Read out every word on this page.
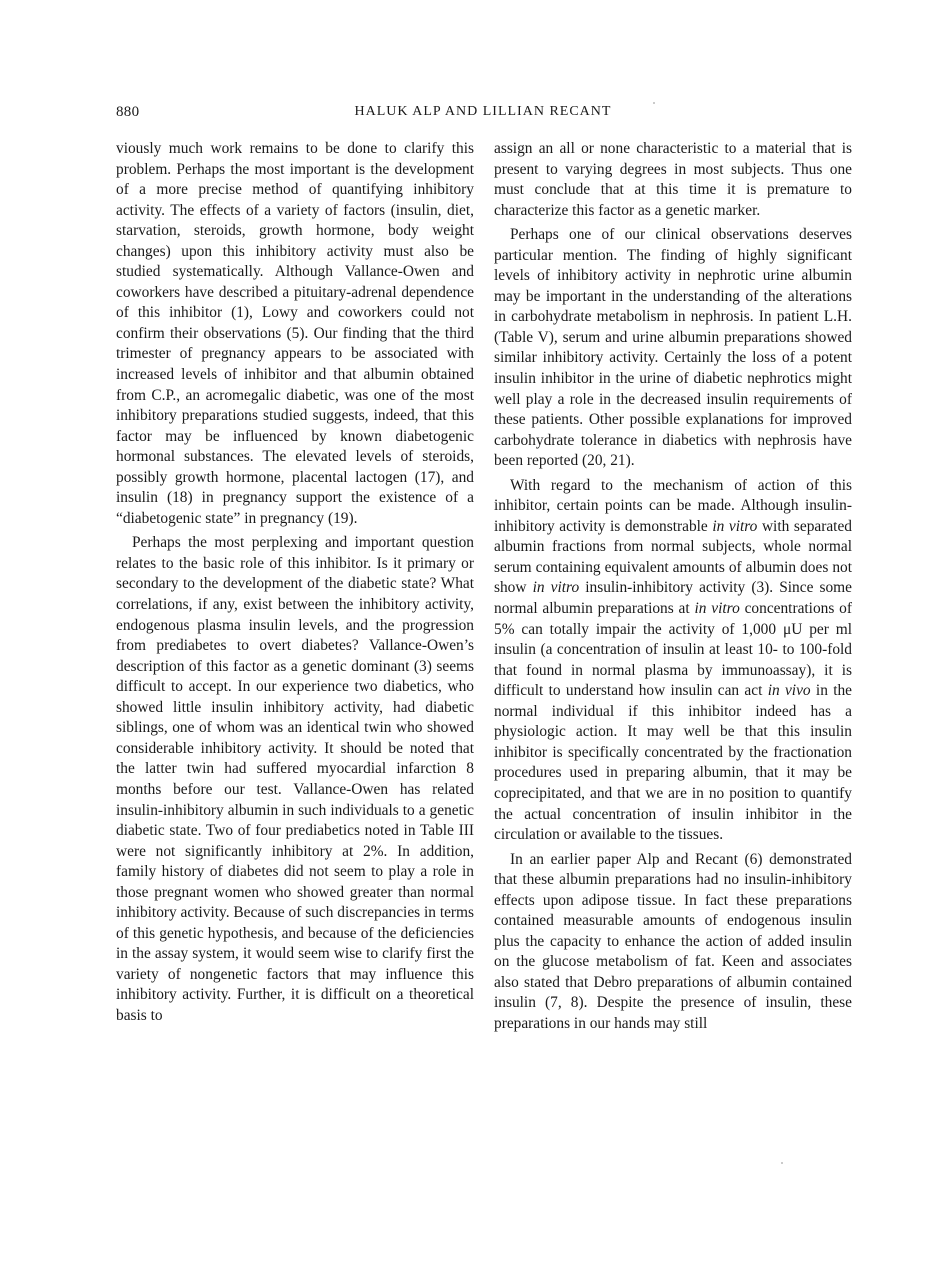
880	HALUK ALP AND LILLIAN RECANT

viously much work remains to be done to clarify this problem. Perhaps the most important is the development of a more precise method of quantifying inhibitory activity. The effects of a variety of factors (insulin, diet, starvation, steroids, growth hormone, body weight changes) upon this inhibitory activity must also be studied systematically. Although Vallance-Owen and coworkers have described a pituitary-adrenal dependence of this inhibitor (1), Lowy and coworkers could not confirm their observations (5). Our finding that the third trimester of pregnancy appears to be associated with increased levels of inhibitor and that albumin obtained from C.P., an acromegalic diabetic, was one of the most inhibitory preparations studied suggests, indeed, that this factor may be influenced by known diabetogenic hormonal substances. The elevated levels of steroids, possibly growth hormone, placental lactogen (17), and insulin (18) in pregnancy support the existence of a “diabetogenic state” in pregnancy (19).

Perhaps the most perplexing and important question relates to the basic role of this inhibitor. Is it primary or secondary to the development of the diabetic state? What correlations, if any, exist between the inhibitory activity, endogenous plasma insulin levels, and the progression from prediabetes to overt diabetes? Vallance-Owen’s description of this factor as a genetic dominant (3) seems difficult to accept. In our experience two diabetics, who showed little insulin inhibitory activity, had diabetic siblings, one of whom was an identical twin who showed considerable inhibitory activity. It should be noted that the latter twin had suffered myocardial infarction 8 months before our test. Vallance-Owen has related insulin-inhibitory albumin in such individuals to a genetic diabetic state. Two of four prediabetics noted in Table III were not significantly inhibitory at 2%. In addition, family history of diabetes did not seem to play a role in those pregnant women who showed greater than normal inhibitory activity. Because of such discrepancies in terms of this genetic hypothesis, and because of the deficiencies in the assay system, it would seem wise to clarify first the variety of nongenetic factors that may influence this inhibitory activity. Further, it is difficult on a theoretical basis to

assign an all or none characteristic to a material that is present to varying degrees in most subjects. Thus one must conclude that at this time it is premature to characterize this factor as a genetic marker.

Perhaps one of our clinical observations deserves particular mention. The finding of highly significant levels of inhibitory activity in nephrotic urine albumin may be important in the understanding of the alterations in carbohydrate metabolism in nephrosis. In patient L.H. (Table V), serum and urine albumin preparations showed similar inhibitory activity. Certainly the loss of a potent insulin inhibitor in the urine of diabetic nephrotics might well play a role in the decreased insulin requirements of these patients. Other possible explanations for improved carbohydrate tolerance in diabetics with nephrosis have been reported (20, 21).

With regard to the mechanism of action of this inhibitor, certain points can be made. Although insulin-inhibitory activity is demonstrable in vitro with separated albumin fractions from normal subjects, whole normal serum containing equivalent amounts of albumin does not show in vitro insulin-inhibitory activity (3). Since some normal albumin preparations at in vitro concentrations of 5% can totally impair the activity of 1,000 μU per ml insulin (a concentration of insulin at least 10- to 100-fold that found in normal plasma by immunoassay), it is difficult to understand how insulin can act in vivo in the normal individual if this inhibitor indeed has a physiologic action. It may well be that this insulin inhibitor is specifically concentrated by the fractionation procedures used in preparing albumin, that it may be coprecipitated, and that we are in no position to quantify the actual concentration of insulin inhibitor in the circulation or available to the tissues.

In an earlier paper Alp and Recant (6) demonstrated that these albumin preparations had no insulin-inhibitory effects upon adipose tissue. In fact these preparations contained measurable amounts of endogenous insulin plus the capacity to enhance the action of added insulin on the glucose metabolism of fat. Keen and associates also stated that Debro preparations of albumin contained insulin (7, 8). Despite the presence of insulin, these preparations in our hands may still
